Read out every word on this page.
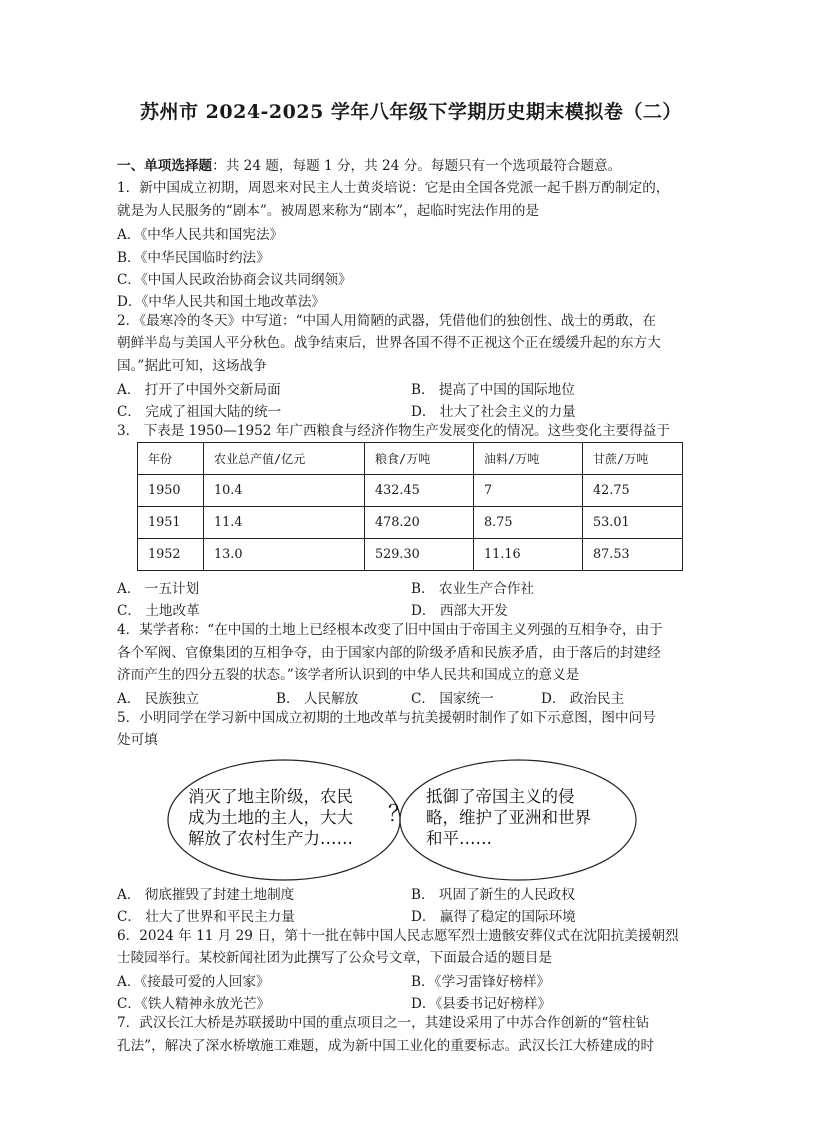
苏州市 2024-2025 学年八年级下学期历史期末模拟卷（二）
一、单项选择题：共 24 题，每题 1 分，共 24 分。每题只有一个选项最符合题意。
1．新中国成立初期，周恩来对民主人士黄炎培说：它是由全国各党派一起千斟万酌制定的，
就是为人民服务的“剧本”。被周恩来称为“剧本”，起临时宪法作用的是
A．《中华人民共和国宪法》
B．《中华民国临时约法》
C．《中国人民政治协商会议共同纲领》
D．《中华人民共和国土地改革法》
2．《最寒冷的冬天》中写道：“中国人用简陋的武器，凭借他们的独创性、战士的勇敢，在
朝鲜半岛与美国人平分秋色。战争结束后，世界各国不得不正视这个正在缓缓升起的东方大
国。”据此可知，这场战争
A． 打开了中国外交新局面	B． 提高了中国的国际地位
C． 完成了祖国大陆的统一	D． 壮大了社会主义的力量
3． 下表是 1950—1952 年广西粮食与经济作物生产发展变化的情况。这些变化主要得益于
年份	农业总产值/亿元	粮食/万吨	油料/万吨	甘蔗/万吨
1950	10.4	432.45	7	42.75
1951	11.4	478.20	8.75	53.01
1952	13.0	529.30	11.16	87.53
A． 一五计划	B． 农业生产合作社
C． 土地改革	D． 西部大开发
4．某学者称：“在中国的土地上已经根本改变了旧中国由于帝国主义列强的互相争夺，由于
各个军阀、官僚集团的互相争夺，由于国家内部的阶级矛盾和民族矛盾，由于落后的封建经
济而产生的四分五裂的状态。”该学者所认识到的中华人民共和国成立的意义是
A． 民族独立	B． 人民解放	C． 国家统一	D． 政治民主
5．小明同学在学习新中国成立初期的土地改革与抗美援朝时制作了如下示意图，图中问号
处可填
消灭了地主阶级，农民
成为土地的主人，大大
解放了农村生产力……
？
抵御了帝国主义的侵
略，维护了亚洲和世界
和平……
A． 彻底摧毁了封建土地制度	B． 巩固了新生的人民政权
C． 壮大了世界和平民主力量	D． 赢得了稳定的国际环境
6．2024 年 11 月 29 日，第十一批在韩中国人民志愿军烈士遗骸安葬仪式在沈阳抗美援朝烈
士陵园举行。某校新闻社团为此撰写了公众号文章，下面最合适的题目是
A．《接最可爱的人回家》	B．《学习雷锋好榜样》
C．《铁人精神永放光芒》	D．《县委书记好榜样》
7．武汉长江大桥是苏联援助中国的重点项目之一，其建设采用了中苏合作创新的“管柱钻
孔法”，解决了深水桥墩施工难题，成为新中国工业化的重要标志。武汉长江大桥建成的时
